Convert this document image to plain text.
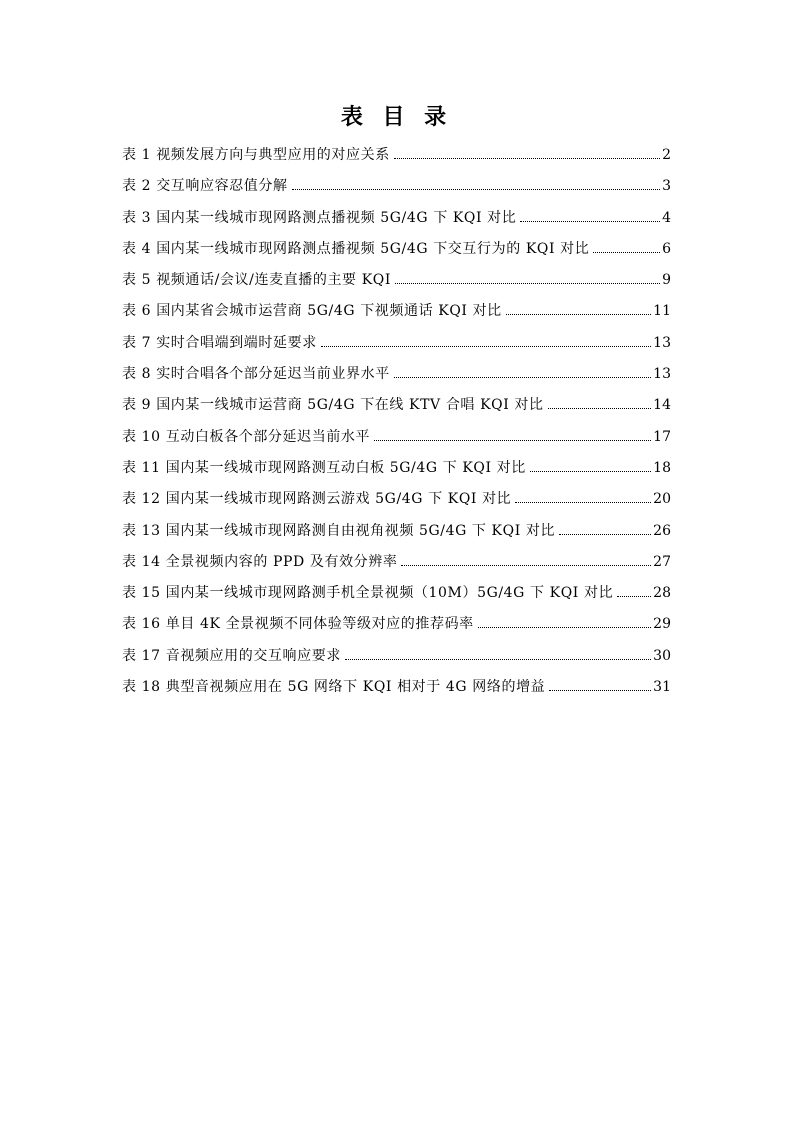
表 目 录
表 1 视频发展方向与典型应用的对应关系	2
表 2 交互响应容忍值分解	3
表 3 国内某一线城市现网路测点播视频 5G/4G 下 KQI 对比	4
表 4 国内某一线城市现网路测点播视频 5G/4G 下交互行为的 KQI 对比	6
表 5 视频通话/会议/连麦直播的主要 KQI	9
表 6 国内某省会城市运营商 5G/4G 下视频通话 KQI 对比	11
表 7 实时合唱端到端时延要求	13
表 8 实时合唱各个部分延迟当前业界水平	13
表 9 国内某一线城市运营商 5G/4G 下在线 KTV 合唱 KQI 对比	14
表 10 互动白板各个部分延迟当前水平	17
表 11 国内某一线城市现网路测互动白板 5G/4G 下 KQI 对比	18
表 12 国内某一线城市现网路测云游戏 5G/4G 下 KQI 对比	20
表 13 国内某一线城市现网路测自由视角视频 5G/4G 下 KQI 对比	26
表 14 全景视频内容的 PPD 及有效分辨率	27
表 15 国内某一线城市现网路测手机全景视频（10M）5G/4G 下 KQI 对比	28
表 16 单目 4K 全景视频不同体验等级对应的推荐码率	29
表 17 音视频应用的交互响应要求	30
表 18 典型音视频应用在 5G 网络下 KQI 相对于 4G 网络的增益	31
